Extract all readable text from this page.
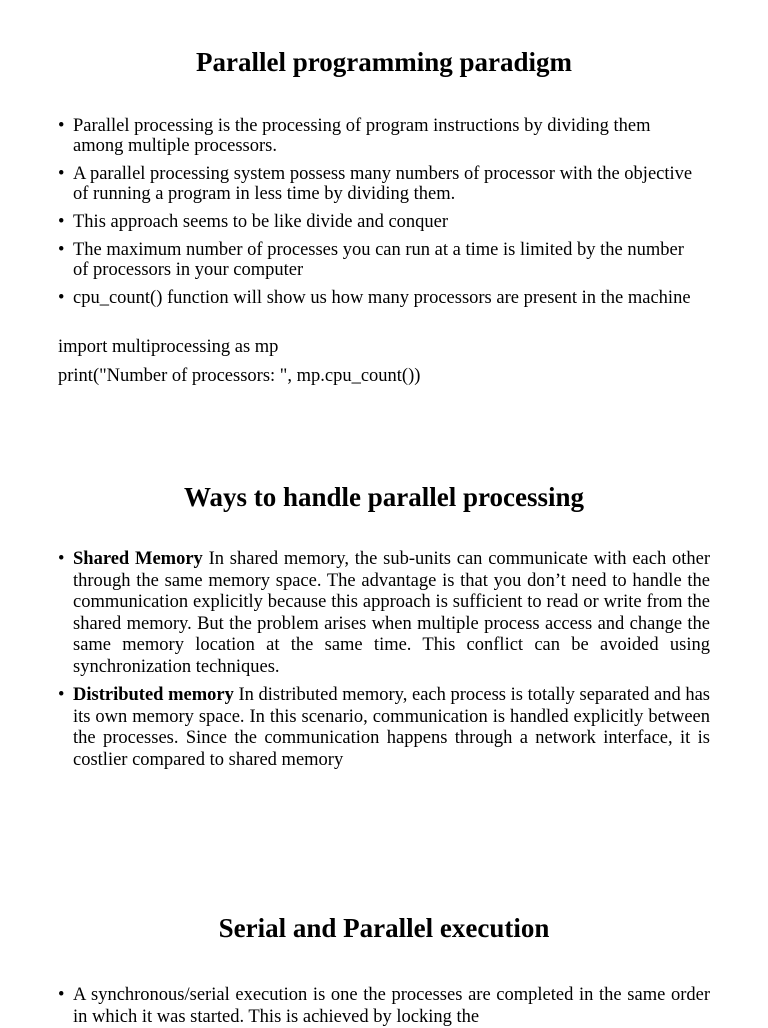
Parallel programming paradigm
• Parallel processing is the processing of program instructions by dividing them among multiple processors.
• A parallel processing system possess many numbers of processor with the objective of running a program in less time by dividing them.
• This approach seems to be like divide and conquer
• The maximum number of processes you can run at a time is limited by the number of processors in your computer
• cpu_count() function will show us how many processors are present in the machine
import multiprocessing as mp
print("Number of processors: ", mp.cpu_count())
Ways to handle parallel processing
• Shared Memory In shared memory, the sub-units can communicate with each other through the same memory space. The advantage is that you don’t need to handle the communication explicitly because this approach is sufficient to read or write from the shared memory. But the problem arises when multiple process access and change the same memory location at the same time. This conflict can be avoided using synchronization techniques.
• Distributed memory In distributed memory, each process is totally separated and has its own memory space. In this scenario, communication is handled explicitly between the processes. Since the communication happens through a network interface, it is costlier compared to shared memory
Serial and Parallel execution
• A synchronous/serial execution is one the processes are completed in the same order in which it was started. This is achieved by locking the
